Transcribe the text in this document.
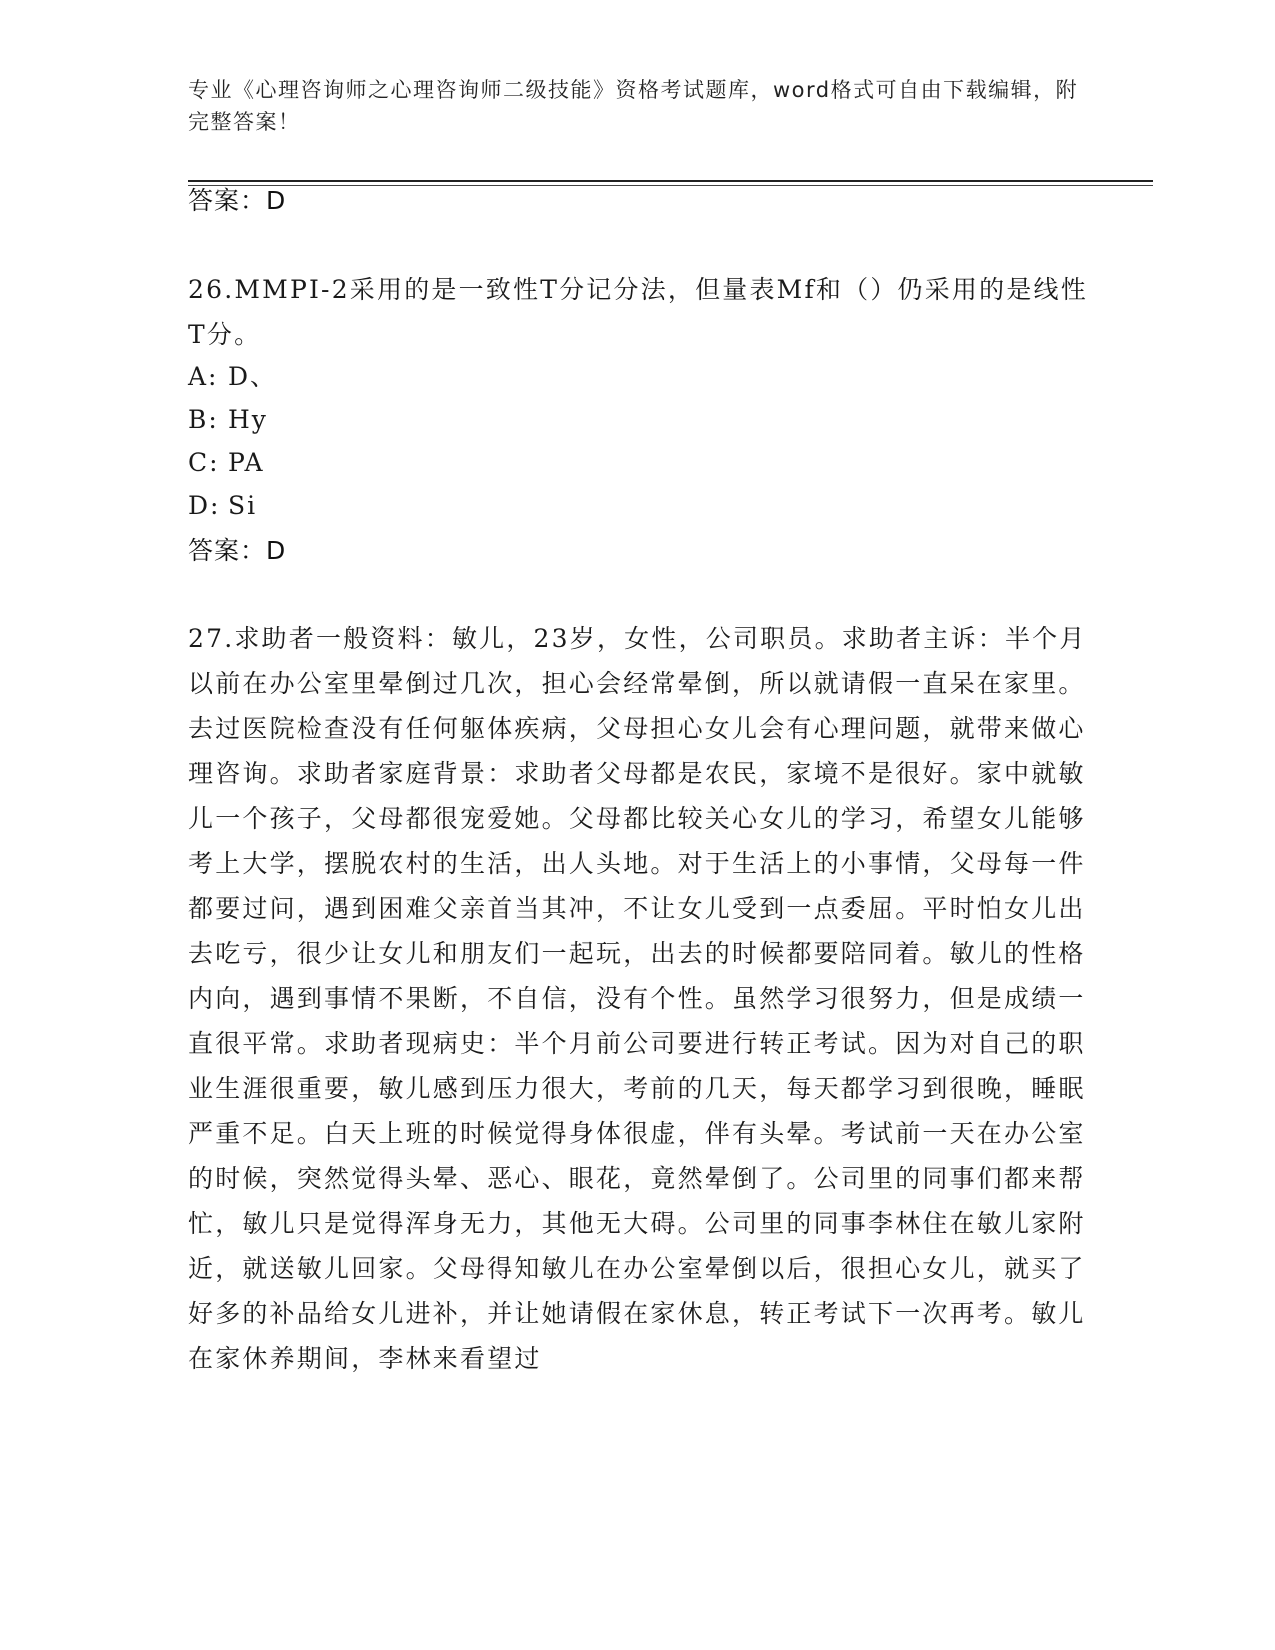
专业《心理咨询师之心理咨询师二级技能》资格考试题库，word格式可自由下载编辑，附完整答案！
答案：D
26.MMPI-2采用的是一致性T分记分法，但量表Mf和（）仍采用的是线性T分。
A: D、
B: Hy
C: PA
D: Si
答案：D
27.求助者一般资料：敏儿，23岁，女性，公司职员。求助者主诉：半个月以前在办公室里晕倒过几次，担心会经常晕倒，所以就请假一直呆在家里。去过医院检查没有任何躯体疾病，父母担心女儿会有心理问题，就带来做心理咨询。求助者家庭背景：求助者父母都是农民，家境不是很好。家中就敏儿一个孩子，父母都很宠爱她。父母都比较关心女儿的学习，希望女儿能够考上大学，摆脱农村的生活，出人头地。对于生活上的小事情，父母每一件都要过问，遇到困难父亲首当其冲，不让女儿受到一点委屈。平时怕女儿出去吃亏，很少让女儿和朋友们一起玩，出去的时候都要陪同着。敏儿的性格内向，遇到事情不果断，不自信，没有个性。虽然学习很努力，但是成绩一直很平常。求助者现病史：半个月前公司要进行转正考试。因为对自己的职业生涯很重要，敏儿感到压力很大，考前的几天，每天都学习到很晚，睡眠严重不足。白天上班的时候觉得身体很虚，伴有头晕。考试前一天在办公室的时候，突然觉得头晕、恶心、眼花，竟然晕倒了。公司里的同事们都来帮忙，敏儿只是觉得浑身无力，其他无大碍。公司里的同事李林住在敏儿家附近，就送敏儿回家。父母得知敏儿在办公室晕倒以后，很担心女儿，就买了好多的补品给女儿进补，并让她请假在家休息，转正考试下一次再考。敏儿在家休养期间，李林来看望过
